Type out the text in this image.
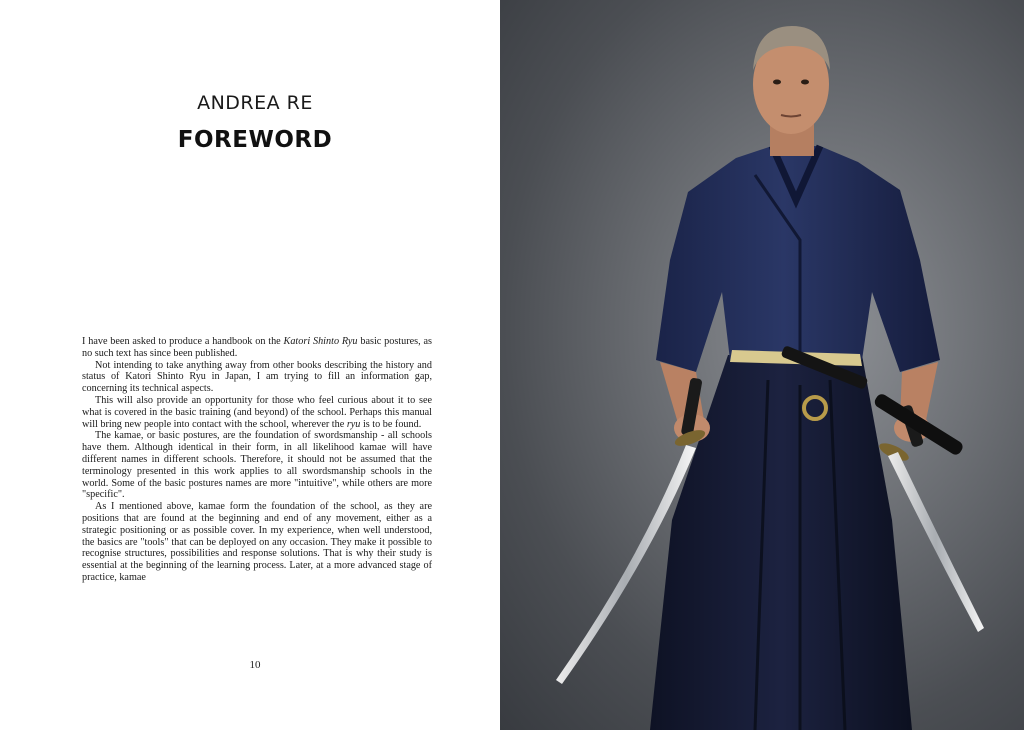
ANDREA RE
FOREWORD

I have been asked to produce a handbook on the Katori Shinto Ryu basic postures, as no such text has since been published.

Not intending to take anything away from other books describing the history and status of Katori Shinto Ryu in Japan, I am trying to fill an information gap, concerning its technical aspects.

This will also provide an opportunity for those who feel curious about it to see what is covered in the basic training (and beyond) of the school. Perhaps this manual will bring new people into contact with the school, wherever the ryu is to be found.

The kamae, or basic postures, are the foundation of swordsmanship - all schools have them. Although identical in their form, in all likelihood kamae will have different names in different schools. Therefore, it should not be assumed that the terminology presented in this work applies to all swordsmanship schools in the world. Some of the basic postures names are more "intuitive", while others are more "specific".

As I mentioned above, kamae form the foundation of the school, as they are positions that are found at the beginning and end of any movement, either as a strategic positioning or as possible cover. In my experience, when well understood, the basics are "tools" that can be deployed on any occasion. They make it possible to recognise structures, possibilities and response solutions. That is why their study is essential at the beginning of the learning process. Later, at a more advanced stage of practice, kamae

10
